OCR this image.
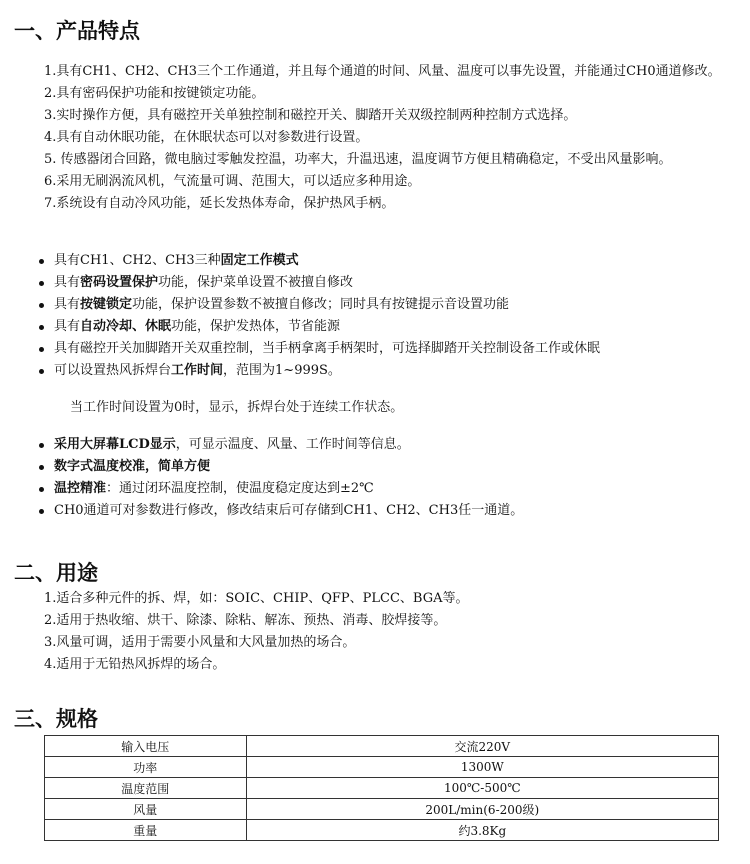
一、产品特点
1.具有CH1、CH2、CH3三个工作通道，并且每个通道的时间、风量、温度可以事先设置，并能通过CH0通道修改。
2.具有密码保护功能和按键锁定功能。
3.实时操作方便，具有磁控开关单独控制和磁控开关、脚踏开关双级控制两种控制方式选择。
4.具有自动休眠功能，在休眠状态可以对参数进行设置。
5. 传感器闭合回路，微电脑过零触发控温，功率大，升温迅速，温度调节方便且精确稳定，不受出风量影响。
6.采用无刷涡流风机，气流量可调、范围大，可以适应多种用途。
7.系统设有自动冷风功能，延长发热体寿命，保护热风手柄。
具有CH1、CH2、CH3三种固定工作模式
具有密码设置保护功能，保护菜单设置不被擅自修改
具有按键锁定功能，保护设置参数不被擅自修改；同时具有按键提示音设置功能
具有自动冷却、休眠功能，保护发热体，节省能源
具有磁控开关加脚踏开关双重控制，当手柄拿离手柄架时，可选择脚踏开关控制设备工作或休眠
可以设置热风拆焊台工作时间，范围为1~999S。

当工作时间设置为0时，显示，拆焊台处于连续工作状态。

采用大屏幕LCD显示，可显示温度、风量、工作时间等信息。
数字式温度校准，简单方便
温控精准：通过闭环温度控制，使温度稳定度达到±2℃
CH0通道可对参数进行修改，修改结束后可存储到CH1、CH2、CH3任一通道。
二、用途
1.适合多种元件的拆、焊，如：SOIC、CHIP、QFP、PLCC、BGA等。
2.适用于热收缩、烘干、除漆、除粘、解冻、预热、消毒、胶焊接等。
3.风量可调，适用于需要小风量和大风量加热的场合。
4.适用于无铅热风拆焊的场合。
三、规格
输入电压	交流220V
功率	1300W
温度范围	100℃-500℃
风量	200L/min(6-200级)
重量	约3.8Kg
